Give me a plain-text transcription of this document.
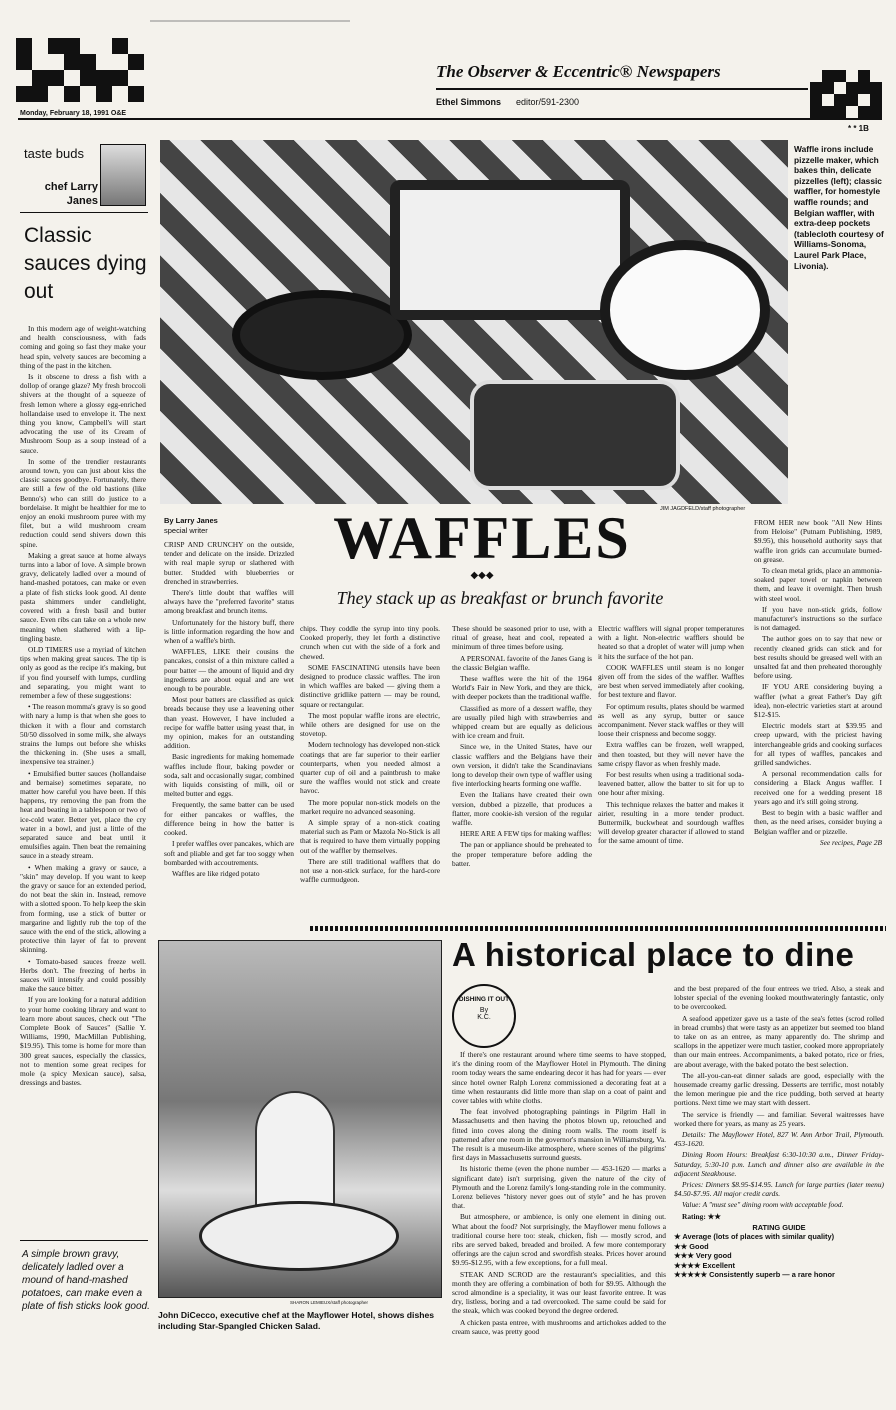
The Observer & Eccentric® Newspapers
Ethel Simmons editor/591-2300
Monday, February 18, 1991 O&E
* * 1B
taste buds
chef Larry Janes
Classic sauces dying out

In this modern age of weight-watching and health consciousness, with fads coming and going so fast they make your head spin, velvety sauces are becoming a thing of the past in the kitchen.

Is it obscene to dress a fish with a dollop of orange glaze? My fresh broccoli shivers at the thought of a squeeze of fresh lemon where a glossy egg-enriched hollandaise used to envelope it. The next thing you know, Campbell's will start advocating the use of its Cream of Mushroom Soup as a soup instead of a sauce.

In some of the trendier restaurants around town, you can just about kiss the classic sauces goodbye. Fortunately, there are still a few of the old bastions (like Benno's) who can still do justice to a bordelaise. It might be healthier for me to enjoy an enoki mushroom puree with my filet, but a wild mushroom cream reduction could send shivers down this spine.

Making a great sauce at home always turns into a labor of love. A simple brown gravy, delicately ladled over a mound of hand-mashed potatoes, can make or even a plate of fish sticks look good. Al dente pasta shimmers under candlelight, covered with a fresh basil and butter sauce. Even ribs can take on a whole new meaning when slathered with a lip-tingling baste.

OLD TIMERS use a myriad of kitchen tips when making great sauces. The tip is only as good as the recipe it's making, but if you find yourself with lumps, curdling and separating, you might want to remember a few of these suggestions:

• The reason momma's gravy is so good with nary a lump is that when she goes to thicken it with a flour and cornstarch 50/50 dissolved in some milk, she always strains the lumps out before she whisks the thickening in. (She uses a small, inexpensive tea strainer.)

• Emulsified butter sauces (hollandaise and bernaise) sometimes separate, no matter how careful you have been. If this happens, try removing the pan from the heat and beating in a tablespoon or two of ice-cold water. Better yet, place the cry water in a bowl, and just a little of the separated sauce and beat until it emulsifies again. Then beat the remaining sauce in a steady stream.

• When making a gravy or sauce, a "skin" may develop. If you want to keep the gravy or sauce for an extended period, do not beat the skin in. Instead, remove with a slotted spoon. To help keep the skin from forming, use a stick of butter or margarine and lightly rub the top of the sauce with the end of the stick, allowing a protective thin layer of fat to prevent skinning.

• Tomato-based sauces freeze well. Herbs don't. The freezing of herbs in sauces will intensify and could possibly make the sauce bitter.

If you are looking for a natural addition to your home cooking library and want to learn more about sauces, check out "The Complete Book of Sauces" (Sallie Y. Williams, 1990, MacMillan Publishing, $19.95). This tome is home for more than 300 great sauces, especially the classics, not to mention some great recipes for mole (a spicy Mexican sauce), salsa, dressings and bastes.

A simple brown gravy, delicately ladled over a mound of hand-mashed potatoes, can make even a plate of fish sticks look good.
Waffle irons include pizzelle maker, which bakes thin, delicate pizzelles (left); classic waffler, for homestyle waffle rounds; and Belgian waffler, with extra-deep pockets (tablecloth courtesy of Williams-Sonoma, Laurel Park Place, Livonia).
JIM JAGDFELD/staff photographer
By Larry Janes
special writer	WAFFLES
◆◆◆
They stack up as breakfast or brunch favorite

CRISP AND CRUNCHY on the outside, tender and delicate on the inside. Drizzled with real maple syrup or slathered with butter. Studded with blueberries or drenched in strawberries.

There's little doubt that waffles will always have the "preferred favorite" status among breakfast and brunch items.

Unfortunately for the history buff, there is little information regarding the how and when of a waffle's birth.

WAFFLES, LIKE their cousins the pancakes, consist of a thin mixture called a pour batter — the amount of liquid and dry ingredients are about equal and are wet enough to be pourable.

Most pour batters are classified as quick breads because they use a leavening other than yeast. However, I have included a recipe for waffle batter using yeast that, in my opinion, makes for an outstanding addition.

Basic ingredients for making homemade waffles include flour, baking powder or soda, salt and occasionally sugar, combined with liquids consisting of milk, oil or melted butter and eggs.

Frequently, the same batter can be used for either pancakes or waffles, the difference being in how the batter is cooked.

I prefer waffles over pancakes, which are soft and pliable and get far too soggy when bombarded with accoutrements.

Waffles are like ridged potato

chips. They coddle the syrup into tiny pools. Cooked properly, they let forth a distinctive crunch when cut with the side of a fork and chewed.

SOME FASCINATING utensils have been designed to produce classic waffles. The iron in which waffles are baked — giving them a distinctive gridlike pattern — may be round, square or rectangular.

The most popular waffle irons are electric, while others are designed for use on the stovetop.

Modern technology has developed non-stick coatings that are far superior to their earlier counterparts, when you needed almost a quarter cup of oil and a paintbrush to make sure the waffles would not stick and create havoc.

The more popular non-stick models on the market require no advanced seasoning.

A simple spray of a non-stick coating material such as Pam or Mazola No-Stick is all that is required to have them virtually popping out of the waffler by themselves.

There are still traditional wafflers that do not use a non-stick surface, for the hard-core waffle curmudgeon.

These should be seasoned prior to use, with a ritual of grease, heat and cool, repeated a minimum of three times before using.

A PERSONAL favorite of the Janes Gang is the classic Belgian waffle.

These waffles were the hit of the 1964 World's Fair in New York, and they are thick, with deeper pockets than the traditional waffle.

Classified as more of a dessert waffle, they are usually piled high with strawberries and whipped cream but are equally as delicious with ice cream and fruit.

Since we, in the United States, have our classic wafflers and the Belgians have their own version, it didn't take the Scandinavians long to develop their own type of waffler using five interlocking hearts forming one waffle.

Even the Italians have created their own version, dubbed a pizzelle, that produces a flatter, more cookie-ish version of the regular waffle.

HERE ARE A FEW tips for making waffles:

The pan or appliance should be preheated to the proper temperature before adding the batter.

Electric wafflers will signal proper temperatures with a light. Non-electric wafflers should be heated so that a droplet of water will jump when it hits the surface of the hot pan.

COOK WAFFLES until steam is no longer given off from the sides of the waffler. Waffles are best when served immediately after cooking, for best texture and flavor.

For optimum results, plates should be warmed as well as any syrup, butter or sauce accompaniment. Never stack waffles or they will loose their crispness and become soggy.

Extra waffles can be frozen, well wrapped, and then toasted, but they will never have the same crispy flavor as when freshly made.

For best results when using a traditional soda-leavened batter, allow the batter to sit for up to one hour after mixing.

This technique relaxes the batter and makes it airier, resulting in a more tender product. Buttermilk, buckwheat and sourdough waffles will develop greater character if allowed to stand for the same amount of time.

FROM HER new book "All New Hints from Heloise" (Putnam Publishing, 1989, $9.95), this household authority says that waffle iron grids can accumulate burned-on grease.

To clean metal grids, place an ammonia-soaked paper towel or napkin between them, and leave it overnight. Then brush with steel wool.

If you have non-stick grids, follow manufacturer's instructions so the surface is not damaged.

The author goes on to say that new or recently cleaned grids can stick and for best results should be greased well with an unsalted fat and then preheated thoroughly before using.

IF YOU ARE considering buying a waffler (what a great Father's Day gift idea), non-electric varieties start at around $12-$15.

Electric models start at $39.95 and creep upward, with the priciest having interchangeable grids and cooking surfaces for all types of waffles, pancakes and grilled sandwiches.

A personal recommendation calls for considering a Black Angus waffler. I received one for a wedding present 18 years ago and it's still going strong.

Best to begin with a basic waffler and then, as the need arises, consider buying a Belgian waffler and or pizzelle.

See recipes, Page 2B

A historical place to dine
SHARON LEMIEUX/staff photographer
John DiCecco, executive chef at the Mayflower Hotel, shows dishes including Star-Spangled Chicken Salad.
DISHING IT OUT
By
K.C.

If there's one restaurant around where time seems to have stopped, it's the dining room of the Mayflower Hotel in Plymouth. The dining room today wears the same endearing decor it has had for years — ever since hotel owner Ralph Lorenz commissioned a decorating feat at a time when restaurants did little more than slap on a coat of paint and cover tables with white cloths.

The feat involved photographing paintings in Pilgrim Hall in Massachusetts and then having the photos blown up, retouched and fitted into coves along the dining room walls. The room itself is patterned after one room in the governor's mansion in Williamsburg, Va. The result is a museum-like atmosphere, where scenes of the pilgrims' first days in Massachusetts surround guests.

Its historic theme (even the phone number — 453-1620 — marks a significant date) isn't surprising, given the nature of the city of Plymouth and the Lorenz family's long-standing role in the community. Lorenz believes "history never goes out of style" and he has proven that.

But atmosphere, or ambience, is only one element in dining out. What about the food? Not surprisingly, the Mayflower menu follows a traditional course here too: steak, chicken, fish — mostly scrod, and ribs are served baked, breaded and broiled. A few more contemporary offerings are the cajun scrod and swordfish steaks. Prices hover around $9.95-$12.95, with a few exceptions, for a full meal.

STEAK AND SCROD are the restaurant's specialities, and this month they are offering a combination of both for $9.95. Although the scrod almondine is a speciality, it was our least favorite entree. It was dry, listless, boring and a tad overcooked. The same could be said for the steak, which was cooked beyond the degree ordered.

A chicken pasta entree, with mushrooms and artichokes added to the cream sauce, was pretty good

and the best prepared of the four entrees we tried. Also, a steak and lobster special of the evening looked mouthwateringly fantastic, only to be overcooked.

A seafood appetizer gave us a taste of the sea's fettes (scrod rolled in bread crumbs) that were tasty as an appetizer but seemed too bland to take on as an entree, as many apparently do. The shrimp and scallops in the appetizer were much tastier, cooked more appropriately than our main entrees. Accompaniments, a baked potato, rice or fries, are about average, with the baked potato the best selection.

The all-you-can-eat dinner salads are good, especially with the housemade creamy garlic dressing. Desserts are terrific, most notably the lemon meringue pie and the rice pudding, both served at hearty portions. Next time we may start with dessert.

The service is friendly — and familiar. Several waitresses have worked there for years, as many as 25 years.

Details: The Mayflower Hotel, 827 W. Ann Arbor Trail, Plymouth. 453-1620.

Dining Room Hours: Breakfast 6:30-10:30 a.m., Dinner Friday-Saturday, 5:30-10 p.m. Lunch and dinner also are available in the adjacent Steakhouse.

Prices: Dinners $8.95-$14.95. Lunch for large parties (later menu) $4.50-$7.95. All major credit cards.

Value: A "must see" dining room with acceptable food.

Rating: ★★

RATING GUIDE
★ Average (lots of places with similar quality)
★★ Good
★★★ Very good
★★★★ Excellent
★★★★★ Consistently superb — a rare honor
